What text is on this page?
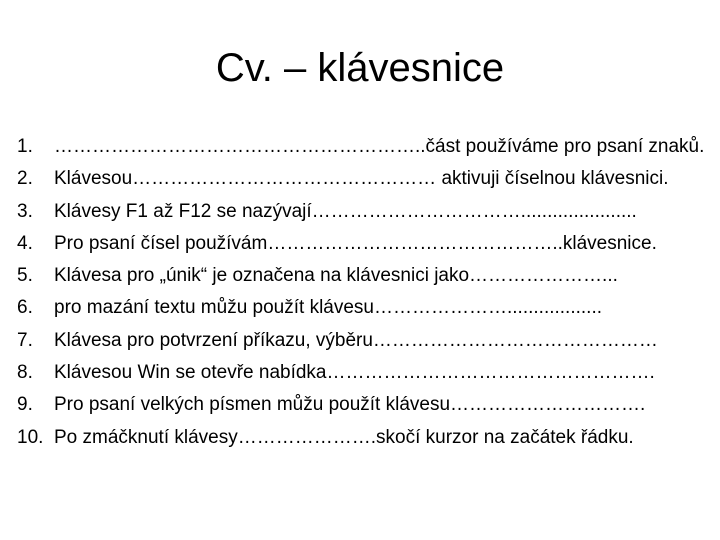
Cv. – klávesnice
1.	…………………………………………………..část používáme pro psaní znaků.
2.	Klávesou………………………………………… aktivuji číselnou klávesnici.
3.	Klávesy F1 až F12 se nazývají……………………………......................
4.	Pro psaní čísel používám………………………………………..klávesnice.
5.	Klávesa pro „únik“ je označena na klávesnici jako…………………...
6.	pro mazání textu můžu použít klávesu…………………..................
7.	Klávesa pro potvrzení příkazu, výběru………………………………………
8.	Klávesou Win se otevře nabídka…………………………………………….
9.	Pro psaní velkých písmen můžu použít klávesu………………………….
10. Po zmáčknutí klávesy………………….skočí kurzor na začátek řádku.
